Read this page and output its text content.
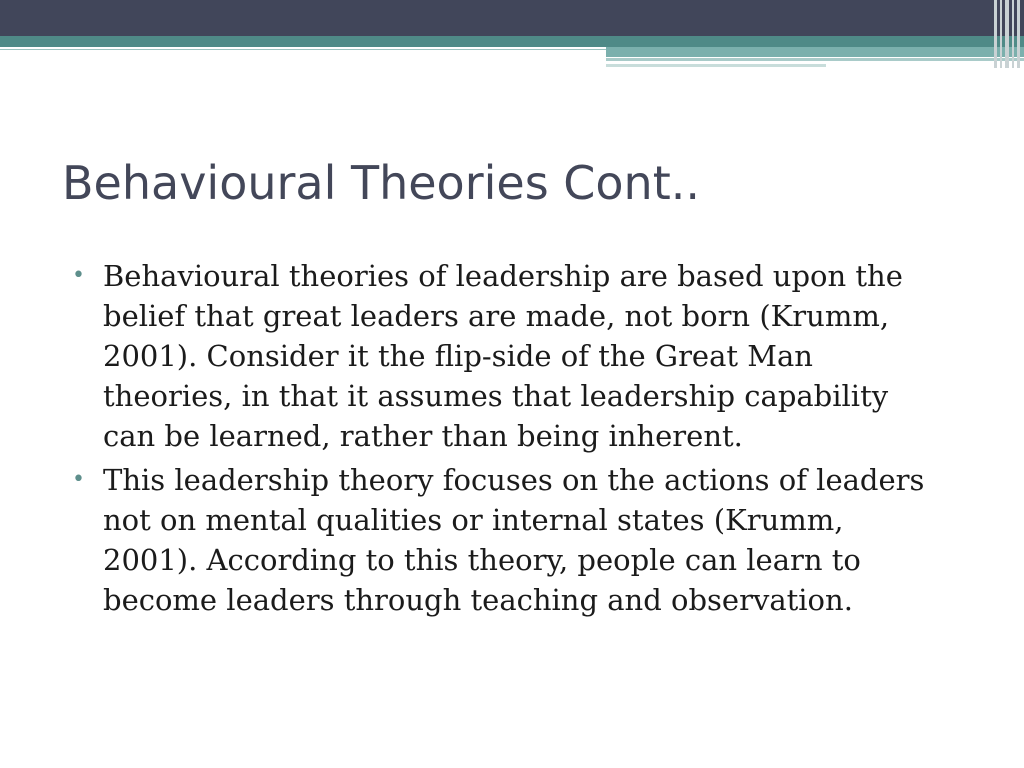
Behavioural Theories Cont..
• Behavioural theories of leadership are based upon the belief that great leaders are made, not born (Krumm, 2001). Consider it the flip-side of the Great Man theories, in that it assumes that leadership capability can be learned, rather than being inherent.
• This leadership theory focuses on the actions of leaders not on mental qualities or internal states (Krumm, 2001). According to this theory, people can learn to become leaders through teaching and observation.
